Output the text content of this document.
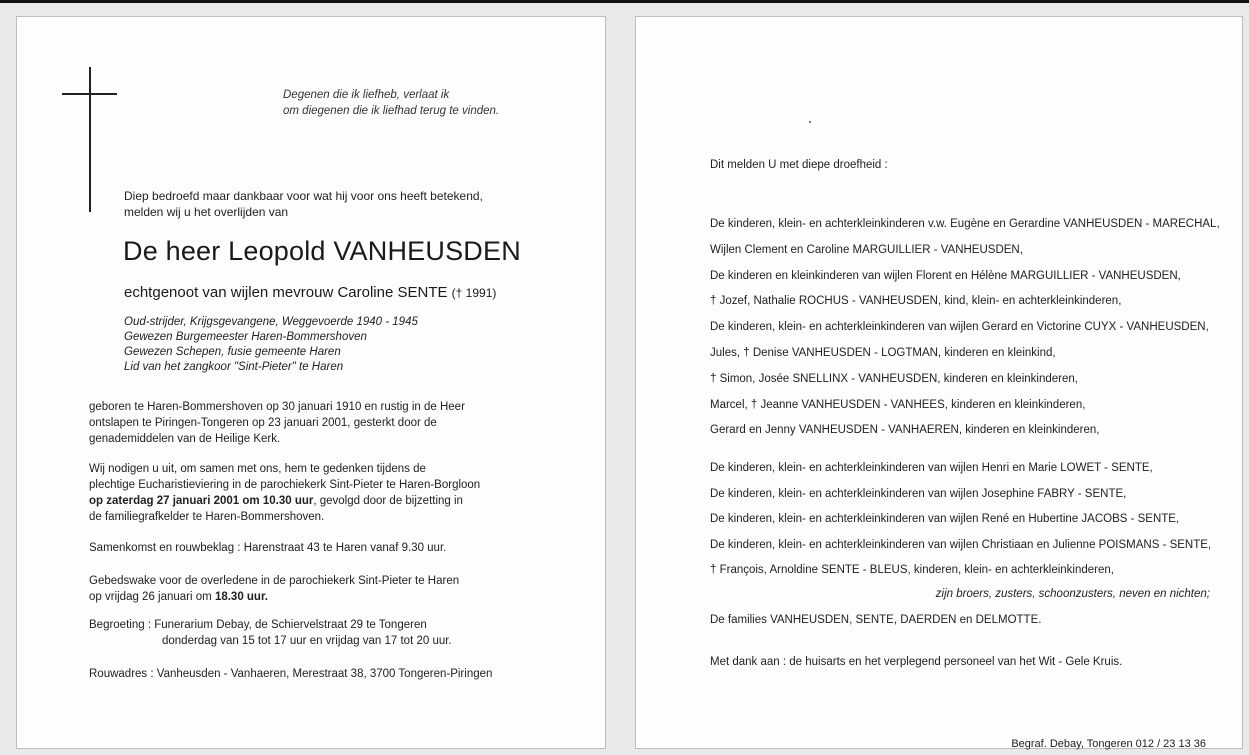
Degenen die ik liefheb, verlaat ik
om diegenen die ik liefhad terug te vinden.
Diep bedroefd maar dankbaar voor wat hij voor ons heeft betekend,
melden wij u het overlijden van
De heer Leopold VANHEUSDEN
echtgenoot van wijlen mevrouw Caroline SENTE († 1991)
Oud-strijder, Krijgsgevangene, Weggevoerde 1940 - 1945
Gewezen Burgemeester Haren-Bommershoven
Gewezen Schepen, fusie gemeente Haren
Lid van het zangkoor "Sint-Pieter" te Haren
geboren te Haren-Bommershoven op 30 januari 1910 en rustig in de Heer
ontslapen te Piringen-Tongeren op 23 januari 2001, gesterkt door de
genademiddelen van de Heilige Kerk.
Wij nodigen u uit, om samen met ons, hem te gedenken tijdens de
plechtige Eucharistieviering in de parochiekerk Sint-Pieter te Haren-Borgloon
op zaterdag 27 januari 2001 om 10.30 uur, gevolgd door de bijzetting in
de familiegrafkelder te Haren-Bommershoven.
Samenkomst en rouwbeklag : Harenstraat 43 te Haren vanaf 9.30 uur.
Gebedswake voor de overledene in de parochiekerk Sint-Pieter te Haren
op vrijdag 26 januari om 18.30 uur.
Begroeting : Funerarium Debay, de Schiervelstraat 29 te Tongeren
donderdag van 15 tot 17 uur en vrijdag van 17 tot 20 uur.
Rouwadres : Vanheusden - Vanhaeren, Merestraat 38, 3700 Tongeren-Piringen
Dit melden U met diepe droefheid :
De kinderen, klein- en achterkleinkinderen v.w. Eugène en Gerardine VANHEUSDEN - MARECHAL,
Wijlen Clement en Caroline MARGUILLIER - VANHEUSDEN,
De kinderen en kleinkinderen van wijlen Florent en Hélène MARGUILLIER - VANHEUSDEN,
† Jozef, Nathalie ROCHUS - VANHEUSDEN, kind, klein- en achterkleinkinderen,
De kinderen, klein- en achterkleinkinderen van wijlen Gerard en Victorine CUYX - VANHEUSDEN,
Jules, † Denise VANHEUSDEN - LOGTMAN, kinderen en kleinkind,
† Simon, Josée SNELLINX - VANHEUSDEN, kinderen en kleinkinderen,
Marcel, † Jeanne VANHEUSDEN - VANHEES, kinderen en kleinkinderen,
Gerard en Jenny VANHEUSDEN - VANHAEREN, kinderen en kleinkinderen,
De kinderen, klein- en achterkleinkinderen van wijlen Henri en Marie LOWET - SENTE,
De kinderen, klein- en achterkleinkinderen van wijlen Josephine FABRY - SENTE,
De kinderen, klein- en achterkleinkinderen van wijlen René en Hubertine JACOBS - SENTE,
De kinderen, klein- en achterkleinkinderen van wijlen Christiaan en Julienne POISMANS - SENTE,
† François, Arnoldine SENTE - BLEUS, kinderen, klein- en achterkleinkinderen,
zijn broers, zusters, schoonzusters, neven en nichten;
De families VANHEUSDEN, SENTE, DAERDEN en DELMOTTE.
Met dank aan : de huisarts en het verplegend personeel van het Wit - Gele Kruis.
Begraf. Debay, Tongeren 012 / 23 13 36
